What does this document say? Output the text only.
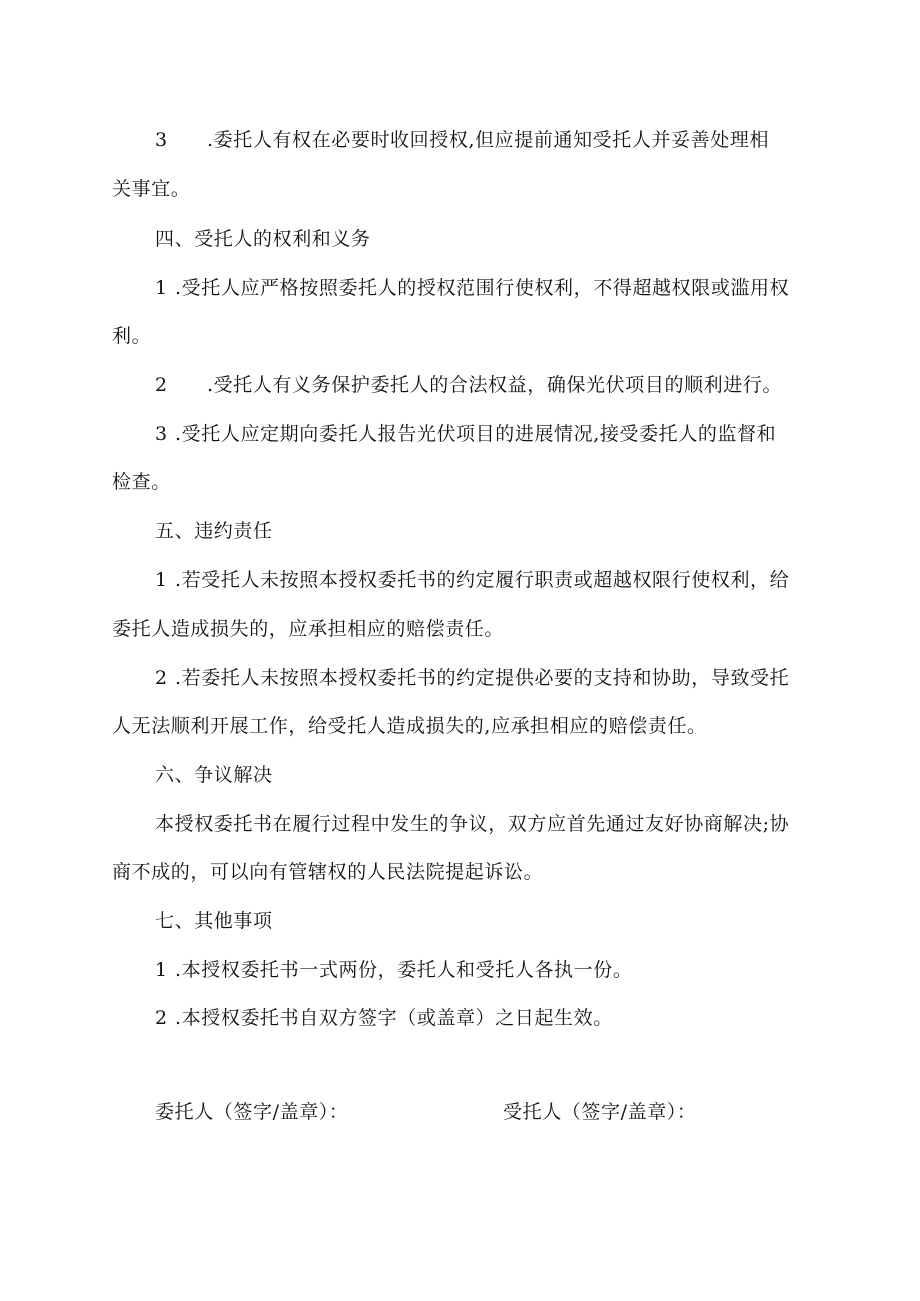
3 .委托人有权在必要时收回授权,但应提前通知受托人并妥善处理相
关事宜。
四、受托人的权利和义务
1 .受托人应严格按照委托人的授权范围行使权利，不得超越权限或滥用权
利。
2 .受托人有义务保护委托人的合法权益，确保光伏项目的顺利进行。
3 .受托人应定期向委托人报告光伏项目的进展情况,接受委托人的监督和
检查。
五、违约责任
1 .若受托人未按照本授权委托书的约定履行职责或超越权限行使权利，给
委托人造成损失的，应承担相应的赔偿责任。
2 .若委托人未按照本授权委托书的约定提供必要的支持和协助，导致受托
人无法顺利开展工作，给受托人造成损失的,应承担相应的赔偿责任。
六、争议解决
本授权委托书在履行过程中发生的争议，双方应首先通过友好协商解决;协
商不成的，可以向有管辖权的人民法院提起诉讼。
七、其他事项
1 .本授权委托书一式两份，委托人和受托人各执一份。
2 .本授权委托书自双方签字（或盖章）之日起生效。
委托人（签字/盖章）：	受托人（签字/盖章）：
